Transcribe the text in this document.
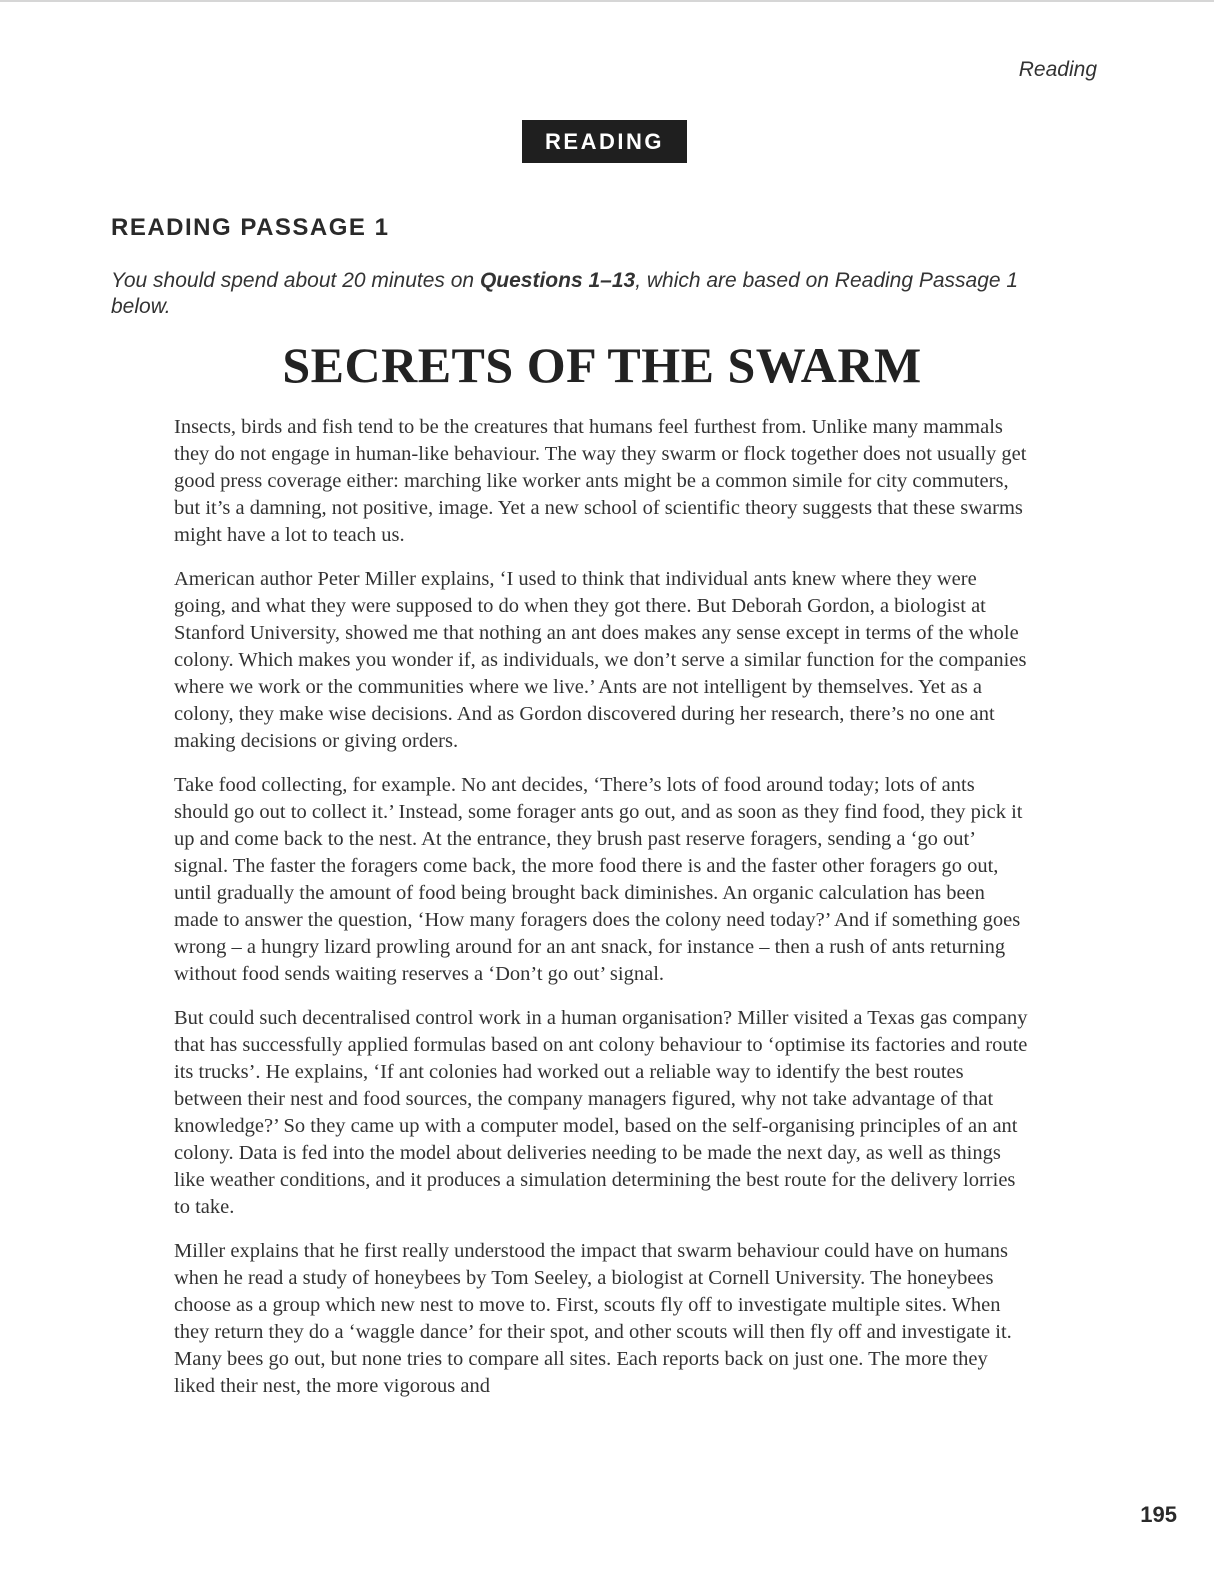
Reading
READING
READING PASSAGE 1
You should spend about 20 minutes on Questions 1–13, which are based on Reading Passage 1 below.
SECRETS OF THE SWARM

Insects, birds and fish tend to be the creatures that humans feel furthest from. Unlike many mammals they do not engage in human-like behaviour. The way they swarm or flock together does not usually get good press coverage either: marching like worker ants might be a common simile for city commuters, but it’s a damning, not positive, image. Yet a new school of scientific theory suggests that these swarms might have a lot to teach us.

American author Peter Miller explains, ‘I used to think that individual ants knew where they were going, and what they were supposed to do when they got there. But Deborah Gordon, a biologist at Stanford University, showed me that nothing an ant does makes any sense except in terms of the whole colony. Which makes you wonder if, as individuals, we don’t serve a similar function for the companies where we work or the communities where we live.’ Ants are not intelligent by themselves. Yet as a colony, they make wise decisions. And as Gordon discovered during her research, there’s no one ant making decisions or giving orders.

Take food collecting, for example. No ant decides, ‘There’s lots of food around today; lots of ants should go out to collect it.’ Instead, some forager ants go out, and as soon as they find food, they pick it up and come back to the nest. At the entrance, they brush past reserve foragers, sending a ‘go out’ signal. The faster the foragers come back, the more food there is and the faster other foragers go out, until gradually the amount of food being brought back diminishes. An organic calculation has been made to answer the question, ‘How many foragers does the colony need today?’ And if something goes wrong – a hungry lizard prowling around for an ant snack, for instance – then a rush of ants returning without food sends waiting reserves a ‘Don’t go out’ signal.

But could such decentralised control work in a human organisation? Miller visited a Texas gas company that has successfully applied formulas based on ant colony behaviour to ‘optimise its factories and route its trucks’. He explains, ‘If ant colonies had worked out a reliable way to identify the best routes between their nest and food sources, the company managers figured, why not take advantage of that knowledge?’ So they came up with a computer model, based on the self-organising principles of an ant colony. Data is fed into the model about deliveries needing to be made the next day, as well as things like weather conditions, and it produces a simulation determining the best route for the delivery lorries to take.

Miller explains that he first really understood the impact that swarm behaviour could have on humans when he read a study of honeybees by Tom Seeley, a biologist at Cornell University. The honeybees choose as a group which new nest to move to. First, scouts fly off to investigate multiple sites. When they return they do a ‘waggle dance’ for their spot, and other scouts will then fly off and investigate it. Many bees go out, but none tries to compare all sites. Each reports back on just one. The more they liked their nest, the more vigorous and

195
